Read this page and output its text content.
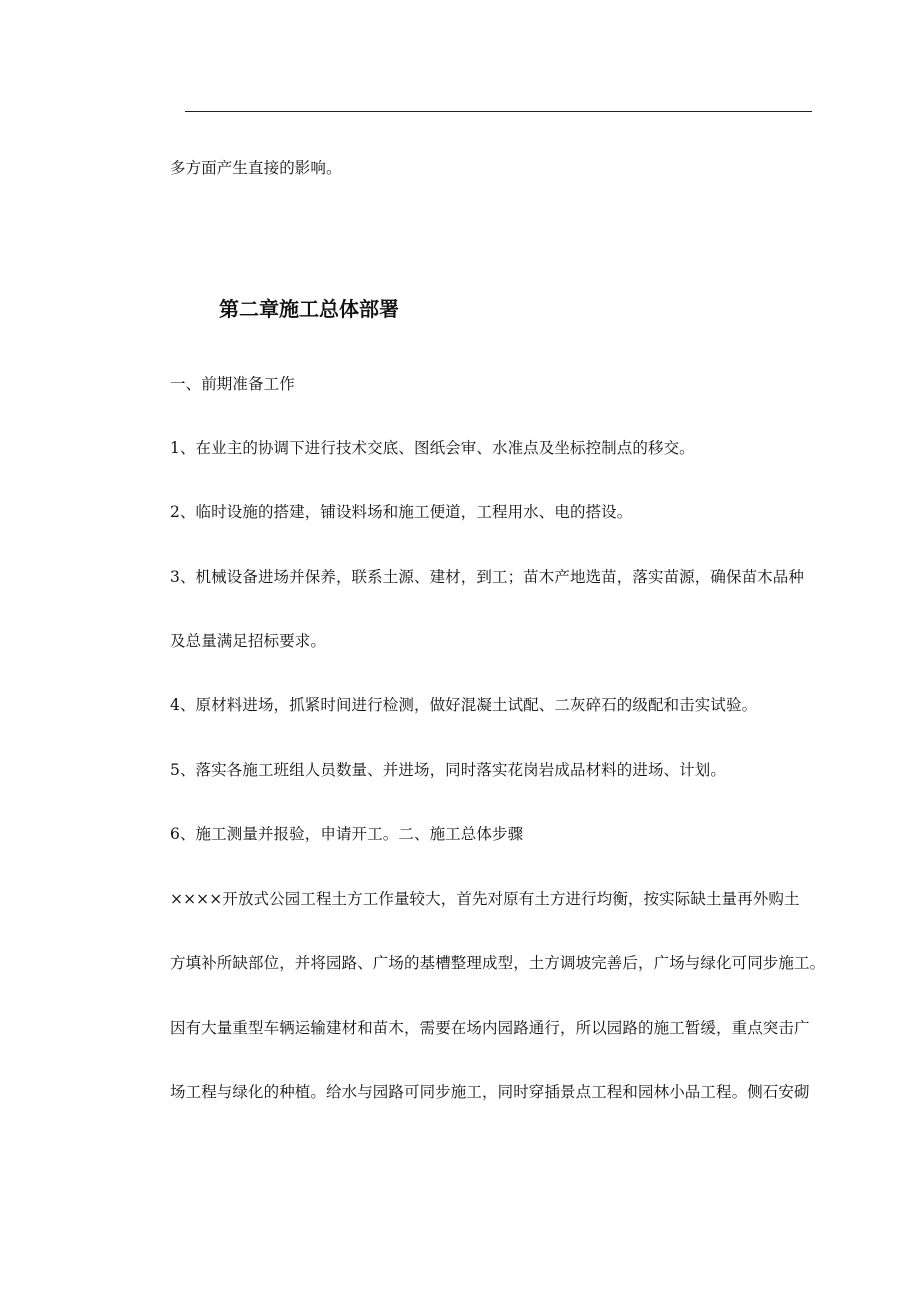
多方面产生直接的影响。
第二章施工总体部署
一、前期准备工作
1、在业主的协调下进行技术交底、图纸会审、水准点及坐标控制点的移交。
2、临时设施的搭建，铺设料场和施工便道，工程用水、电的搭设。
3、机械设备进场并保养，联系土源、建材，到工；苗木产地选苗，落实苗源，确保苗木品种
及总量满足招标要求。
4、原材料进场，抓紧时间进行检测，做好混凝土试配、二灰碎石的级配和击实试验。
5、落实各施工班组人员数量、并进场，同时落实花岗岩成品材料的进场、计划。
6、施工测量并报验，申请开工。二、施工总体步骤
××××开放式公园工程土方工作量较大，首先对原有土方进行均衡，按实际缺土量再外购土
方填补所缺部位，并将园路、广场的基槽整理成型，土方调坡完善后，广场与绿化可同步施工。
因有大量重型车辆运输建材和苗木，需要在场内园路通行，所以园路的施工暂缓，重点突击广
场工程与绿化的种植。给水与园路可同步施工，同时穿插景点工程和园林小品工程。侧石安砌
